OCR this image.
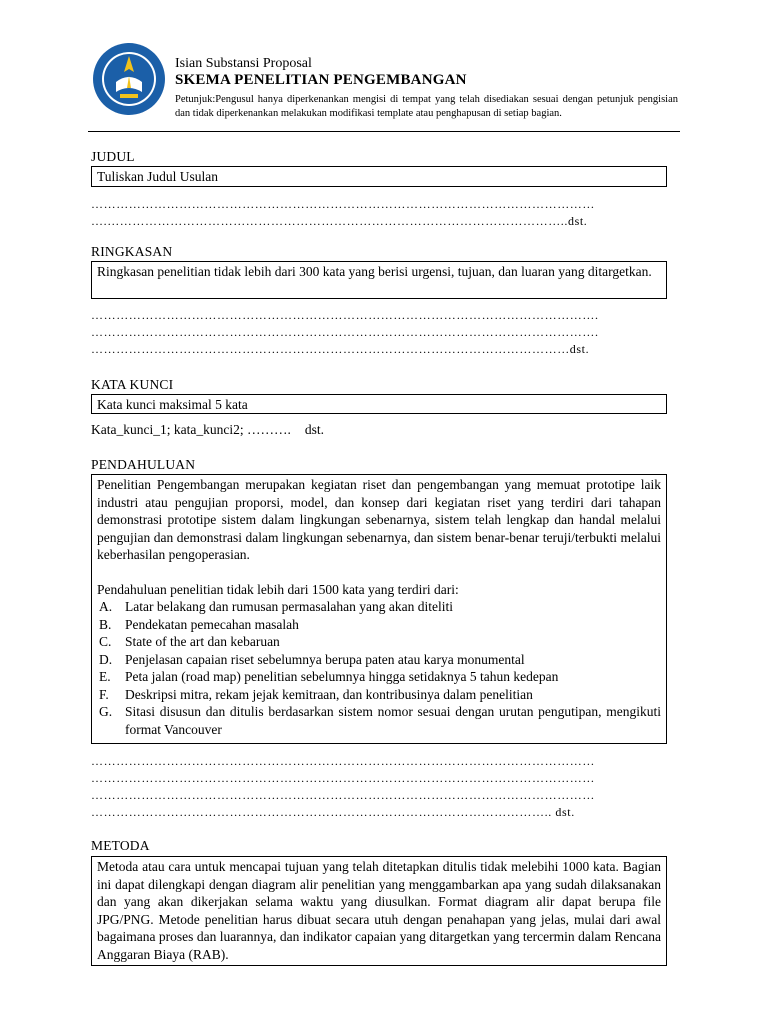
Isian Substansi Proposal
SKEMA PENELITIAN PENGEMBANGAN
Petunjuk:Pengusul hanya diperkenankan mengisi di tempat yang telah disediakan sesuai dengan petunjuk pengisian dan tidak diperkenankan melakukan modifikasi template atau penghapusan di setiap bagian.
JUDUL

Tuliskan Judul Usulan

…………………………………………………………………………………………………………
….………………………………………………………………………………………………..dst.
RINGKASAN

Ringkasan penelitian tidak lebih dari 300 kata yang berisi urgensi, tujuan, dan luaran yang ditargetkan.

………………………………………………………………………………………………………….
………………………………………………………………………………………………………….
……………………………………………………………………………………………………dst.
KATA KUNCI

Kata kunci maksimal 5 kata

Kata_kunci_1; kata_kunci2; ………. dst.
PENDAHULUAN

Penelitian Pengembangan merupakan kegiatan riset dan pengembangan yang memuat prototipe laik industri atau pengujian proporsi, model, dan konsep dari kegiatan riset yang terdiri dari tahapan demonstrasi prototipe sistem dalam lingkungan sebenarnya, sistem telah lengkap dan handal melalui pengujian dan demonstrasi dalam lingkungan sebenarnya, dan sistem benar-benar teruji/terbukti melalui keberhasilan pengoperasian.

Pendahuluan penelitian tidak lebih dari 1500 kata yang terdiri dari:

A. Latar belakang dan rumusan permasalahan yang akan diteliti
B. Pendekatan pemecahan masalah
C. State of the art dan kebaruan
D. Penjelasan capaian riset sebelumnya berupa paten atau karya monumental
E. Peta jalan (road map) penelitian sebelumnya hingga setidaknya 5 tahun kedepan
F. Deskripsi mitra, rekam jejak kemitraan, dan kontribusinya dalam penelitian
G. Sitasi disusun dan ditulis berdasarkan sistem nomor sesuai dengan urutan pengutipan, mengikuti format Vancouver
…………………………………………………………………………………………………………
…………………………………………………………………………………………………………
…………………………………………………………………………………………………………
……………………………………………………………………………………………….. dst.
METODA

Metoda atau cara untuk mencapai tujuan yang telah ditetapkan ditulis tidak melebihi 1000 kata. Bagian ini dapat dilengkapi dengan diagram alir penelitian yang menggambarkan apa yang sudah dilaksanakan dan yang akan dikerjakan selama waktu yang diusulkan. Format diagram alir dapat berupa file JPG/PNG. Metode penelitian harus dibuat secara utuh dengan penahapan yang jelas, mulai dari awal bagaimana proses dan luarannya, dan indikator capaian yang ditargetkan yang tercermin dalam Rencana Anggaran Biaya (RAB).
